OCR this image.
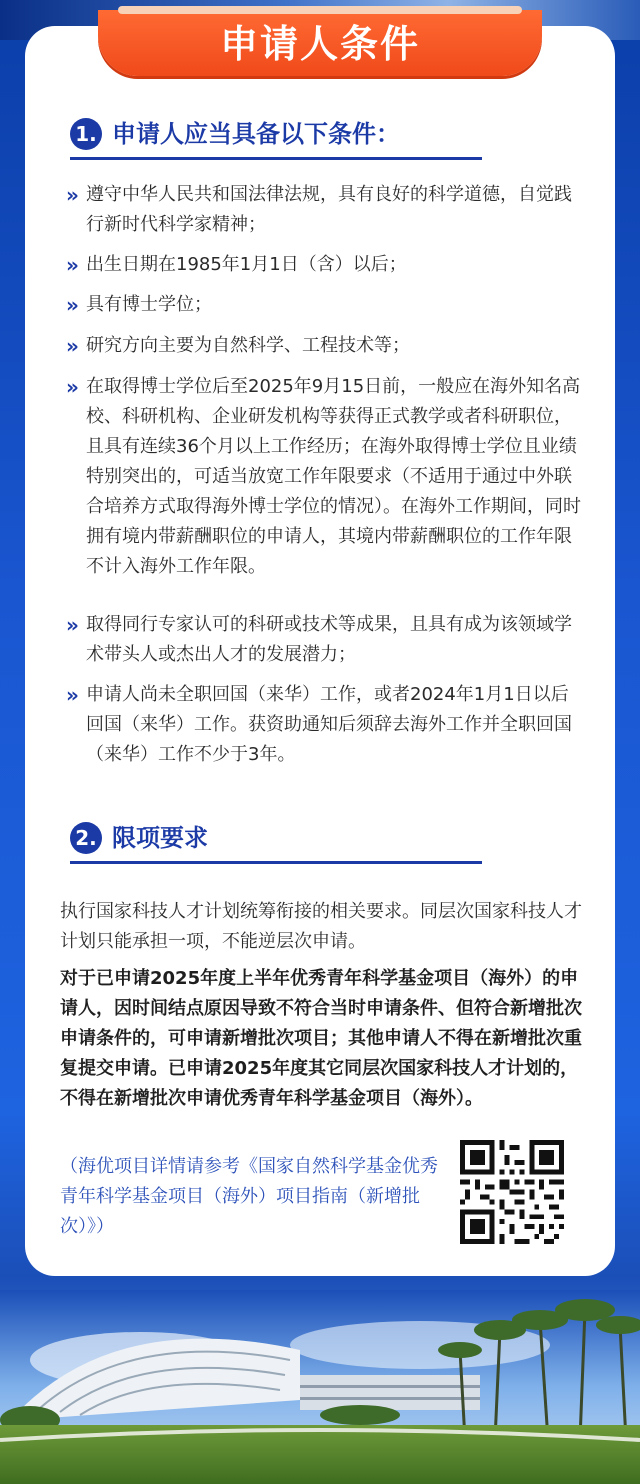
申请人条件
1. 申请人应当具备以下条件：
» 遵守中华人民共和国法律法规，具有良好的科学道德，自觉践行新时代科学家精神；
» 出生日期在1985年1月1日（含）以后；
» 具有博士学位；
» 研究方向主要为自然科学、工程技术等；
» 在取得博士学位后至2025年9月15日前，一般应在海外知名高校、科研机构、企业研发机构等获得正式教学或者科研职位，且具有连续36个月以上工作经历；在海外取得博士学位且业绩特别突出的，可适当放宽工作年限要求（不适用于通过中外联合培养方式取得海外博士学位的情况）。在海外工作期间，同时拥有境内带薪酬职位的申请人，其境内带薪酬职位的工作年限不计入海外工作年限。
» 取得同行专家认可的科研或技术等成果，且具有成为该领域学术带头人或杰出人才的发展潜力；
» 申请人尚未全职回国（来华）工作，或者2024年1月1日以后回国（来华）工作。获资助通知后须辞去海外工作并全职回国（来华）工作不少于3年。
2. 限项要求
执行国家科技人才计划统筹衔接的相关要求。同层次国家科技人才计划只能承担一项，不能逆层次申请。
对于已申请2025年度上半年优秀青年科学基金项目（海外）的申请人，因时间结点原因导致不符合当时申请条件、但符合新增批次申请条件的，可申请新增批次项目；其他申请人不得在新增批次重复提交申请。已申请2025年度其它同层次国家科技人才计划的，不得在新增批次申请优秀青年科学基金项目（海外）。
（海优项目详情请参考《国家自然科学基金优秀青年科学基金项目（海外）项目指南（新增批次）》）
